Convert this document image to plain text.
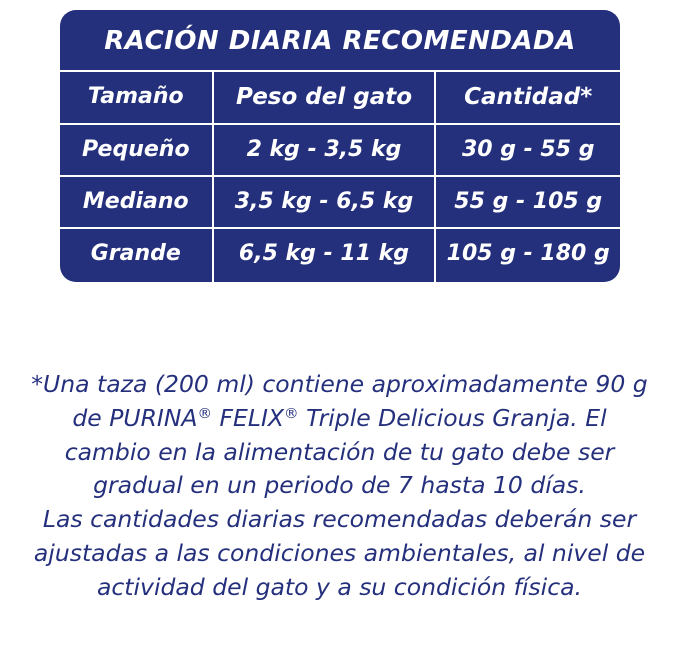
RACIÓN DIARIA RECOMENDADA
Tamaño	Peso del gato	Cantidad*
Pequeño	2 kg - 3,5 kg	30 g - 55 g
Mediano	3,5 kg - 6,5 kg	55 g - 105 g
Grande	6,5 kg - 11 kg	105 g - 180 g

*Una taza (200 ml) contiene aproximadamente 90 g

de PURINA® FELIX® Triple Delicious Granja. El

cambio en la alimentación de tu gato debe ser

gradual en un periodo de 7 hasta 10 días.

Las cantidades diarias recomendadas deberán ser

ajustadas a las condiciones ambientales, al nivel de

actividad del gato y a su condición física.
